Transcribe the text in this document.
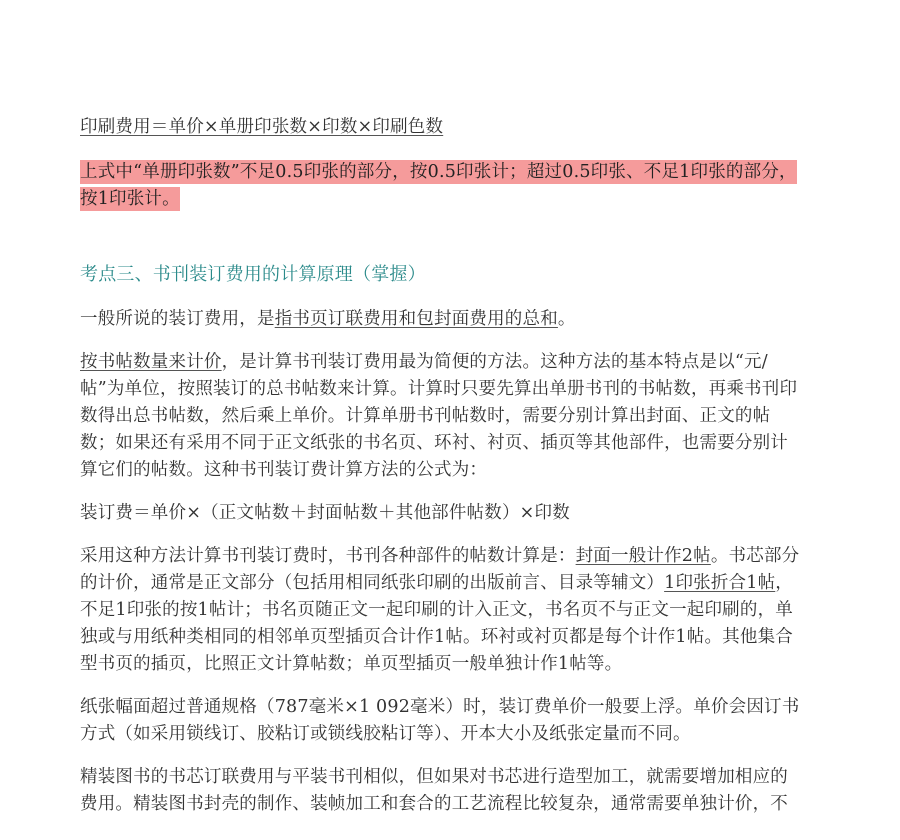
印刷费用＝单价×单册印张数×印数×印刷色数

上式中“单册印张数”不足0.5印张的部分，按0.5印张计；超过0.5印张、不足1印张的部分，按1印张计。

考点三、书刊装订费用的计算原理（掌握）

一般所说的装订费用，是指书页订联费用和包封面费用的总和。

按书帖数量来计价，是计算书刊装订费用最为简便的方法。这种方法的基本特点是以“元/帖”为单位，按照装订的总书帖数来计算。计算时只要先算出单册书刊的书帖数，再乘书刊印数得出总书帖数，然后乘上单价。计算单册书刊帖数时，需要分别计算出封面、正文的帖数；如果还有采用不同于正文纸张的书名页、环衬、衬页、插页等其他部件，也需要分别计算它们的帖数。这种书刊装订费计算方法的公式为：

装订费＝单价×（正文帖数＋封面帖数＋其他部件帖数）×印数

采用这种方法计算书刊装订费时，书刊各种部件的帖数计算是：封面一般计作2帖。书芯部分的计价，通常是正文部分（包括用相同纸张印刷的出版前言、目录等辅文）1印张折合1帖，不足1印张的按1帖计；书名页随正文一起印刷的计入正文，书名页不与正文一起印刷的，单独或与用纸种类相同的相邻单页型插页合计作1帖。环衬或衬页都是每个计作1帖。其他集合型书页的插页，比照正文计算帖数；单页型插页一般单独计作1帖等。

纸张幅面超过普通规格（787毫米×1 092毫米）时，装订费单价一般要上浮。单价会因订书方式（如采用锁线订、胶粘订或锁线胶粘订等）、开本大小及纸张定量而不同。

精装图书的书芯订联费用与平装书刊相似，但如果对书芯进行造型加工，就需要增加相应的费用。精装图书封壳的制作、装帧加工和套合的工艺流程比较复杂，通常需要单独计价，不
